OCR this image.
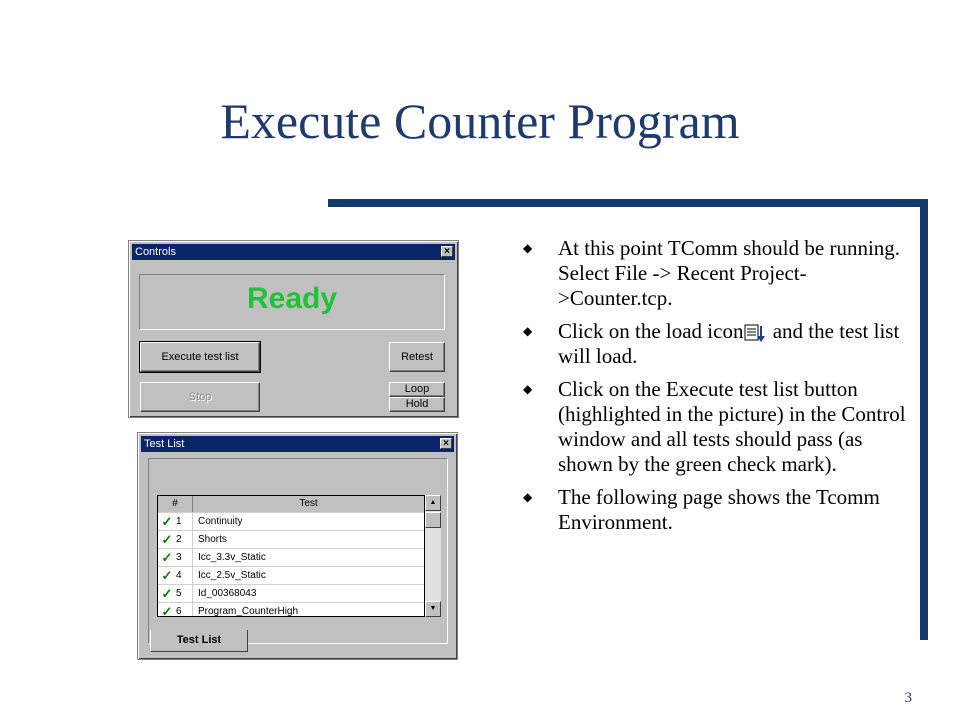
Execute Counter Program
Controls	×
Ready
Execute test list	Retest
Stop
Loop
Hold
Test List	×
#	Test
✓ 1	Continuity
✓ 2	Shorts
✓ 3	Icc_3.3v_Static
✓ 4	Icc_2.5v_Static
✓ 5	Id_00368043
✓ 6	Program_CounterHigh
▲
▼
Test List
◆ At this point TComm should be running. Select File -> Recent Project->Counter.tcp.
◆ Click on the load icon and the test list will load.
◆ Click on the Execute test list button (highlighted in the picture) in the Control window and all tests should pass (as shown by the green check mark).
◆ The following page shows the Tcomm Environment.
3
